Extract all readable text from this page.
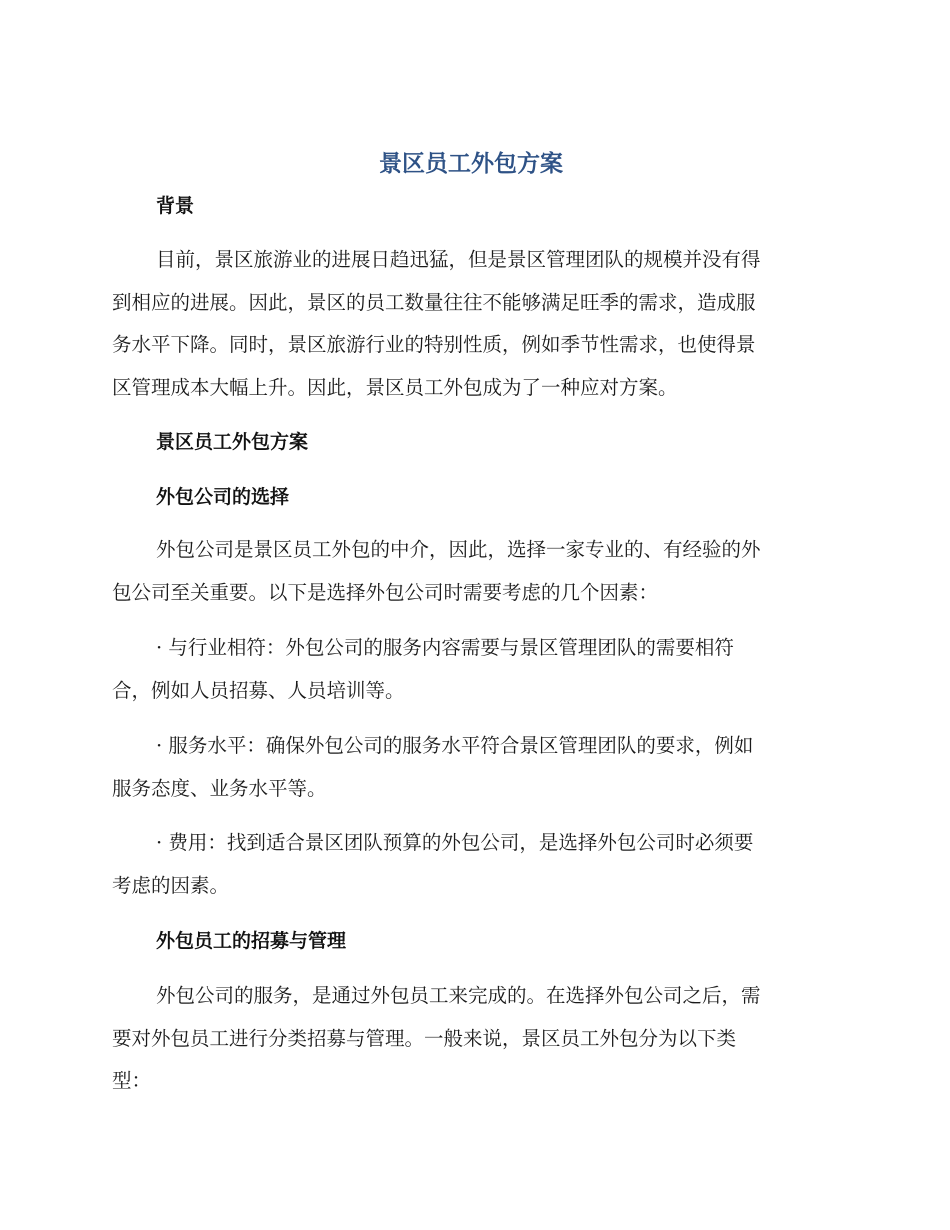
景区员工外包方案
背景
目前，景区旅游业的进展日趋迅猛，但是景区管理团队的规模并没有得
到相应的进展。因此，景区的员工数量往往不能够满足旺季的需求，造成服
务水平下降。同时，景区旅游行业的特别性质，例如季节性需求，也使得景
区管理成本大幅上升。因此，景区员工外包成为了一种应对方案。
景区员工外包方案
外包公司的选择
外包公司是景区员工外包的中介，因此，选择一家专业的、有经验的外
包公司至关重要。以下是选择外包公司时需要考虑的几个因素：
· 与行业相符：外包公司的服务内容需要与景区管理团队的需要相符
合，例如人员招募、人员培训等。
· 服务水平：确保外包公司的服务水平符合景区管理团队的要求，例如
服务态度、业务水平等。
· 费用：找到适合景区团队预算的外包公司，是选择外包公司时必须要
考虑的因素。
外包员工的招募与管理
外包公司的服务，是通过外包员工来完成的。在选择外包公司之后，需
要对外包员工进行分类招募与管理。一般来说，景区员工外包分为以下类
型：
